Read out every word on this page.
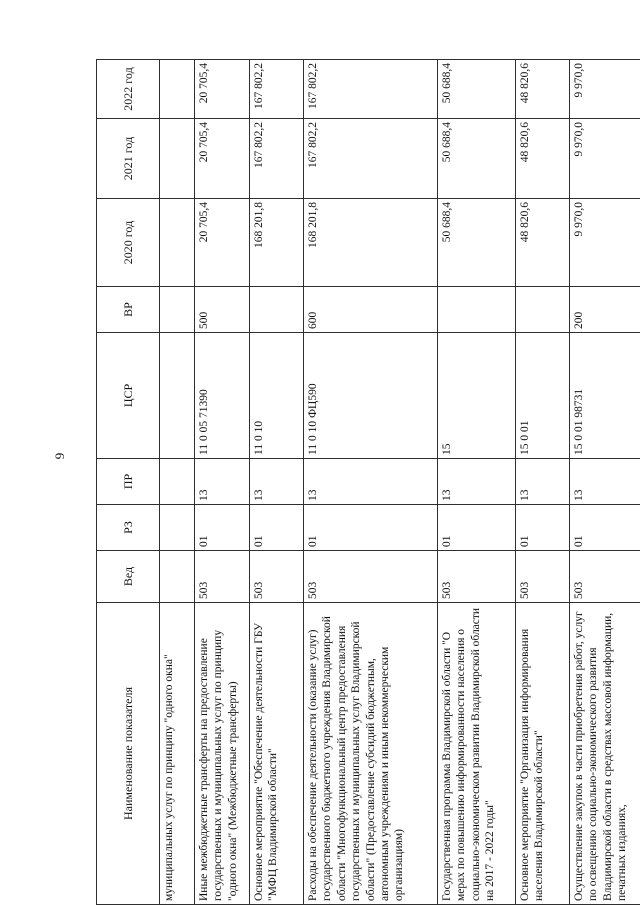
9
Наименование показателя	Вед	РЗ	ПР	ЦСР	ВР	2020 год	2021 год	2022 год
муниципальных услуг по принципу "одного окна"								
Иные межбюджетные трансферты на предоставление государственных и муниципальных услуг по принципу "одного окна" (Межбюджетные трансферты)	503	01	13	11 0 05 71390	500	20 705,4	20 705,4	20 705,4
Основное мероприятие "Обеспечение деятельности ГБУ "МФЦ Владимирской области"	503	01	13	11 0 10		168 201,8	167 802,2	167 802,2
Расходы на обеспечение деятельности (оказание услуг) государственного бюджетного учреждения Владимирской области "Многофункциональный центр предоставления государственных и муниципальных услуг Владимирской области" (Предоставление субсидий бюджетным, автономным учреждениям и иным некоммерческим организациям)	503	01	13	11 0 10 ФЦ590	600	168 201,8	167 802,2	167 802,2
Государственная программа Владимирской области "О мерах по повышению информированности населения о социально-экономическом развитии Владимирской области на 2017 - 2022 годы"	503	01	13	15		50 688,4	50 688,4	50 688,4
Основное мероприятие "Организация информирования населения Владимирской области"	503	01	13	15 0 01		48 820,6	48 820,6	48 820,6
Осуществление закупок в части приобретения работ, услуг по освещению социально-экономического развития Владимирской области в средствах массовой информации, печатных изданиях,	503	01	13	15 0 01 98731	200	9 970,0	9 970,0	9 970,0
